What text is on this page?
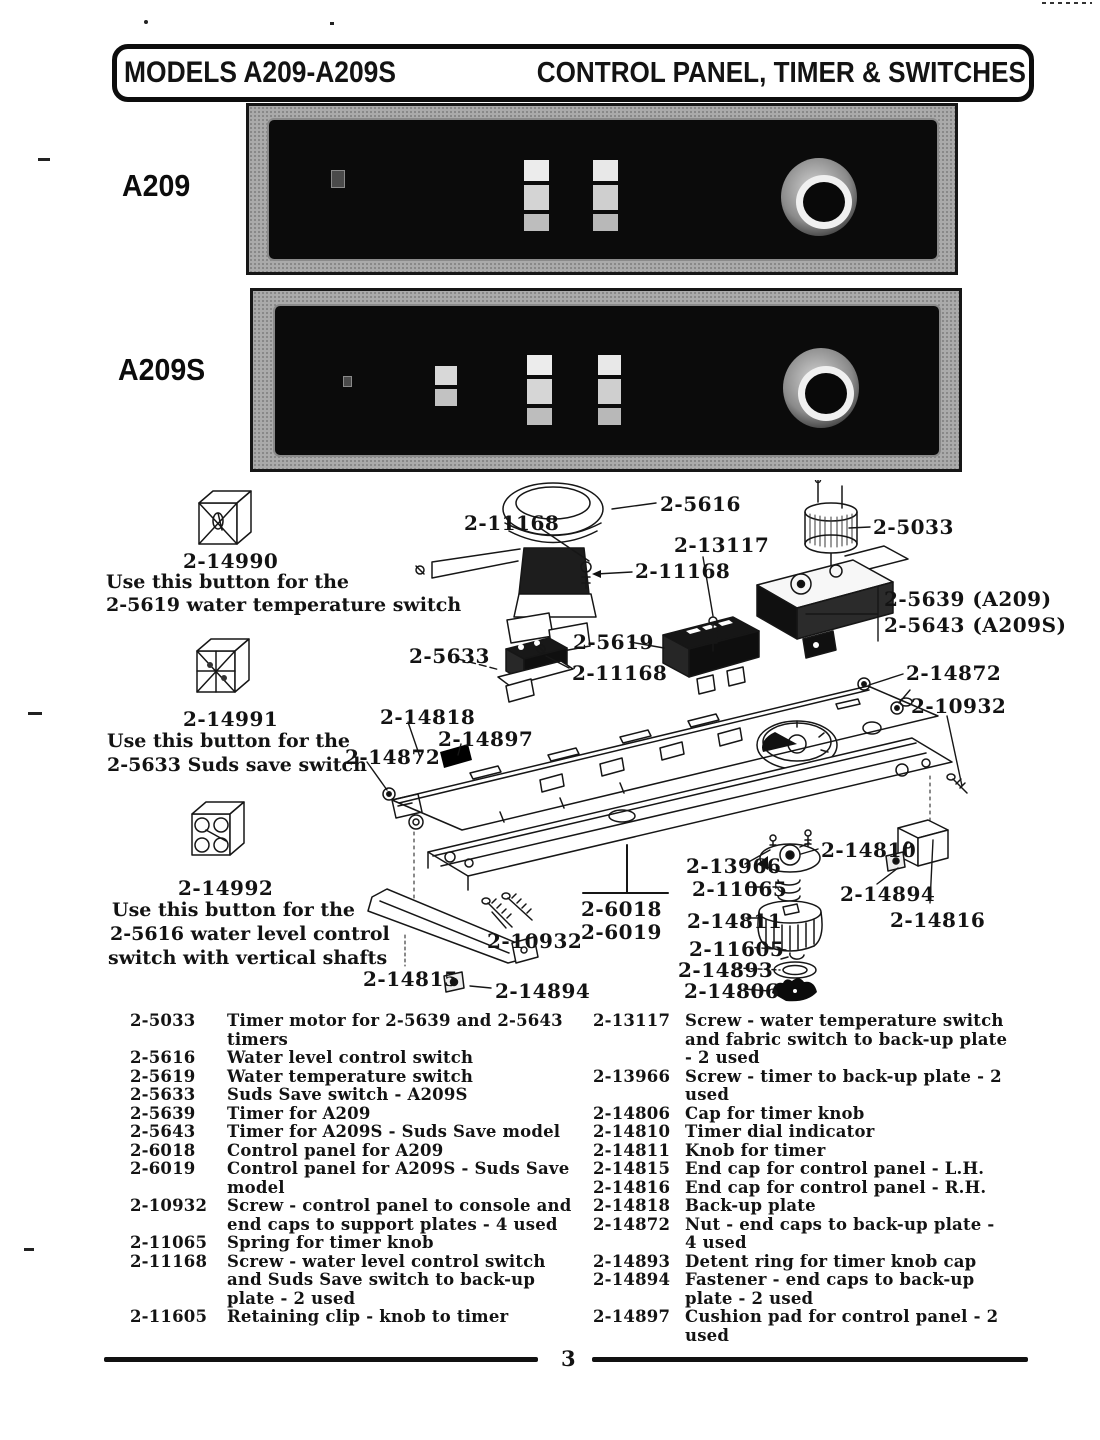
MODELS A209-A209S	CONTROL PANEL, TIMER & SWITCHES
A209
A209S
2-5616
2-11168
2-13117
2-5033
2-5639 (A209)
2-5643 (A209S)
2-11168
2-5619
2-5633
2-11168	2-14872
2-10932
2-14818
2-14897
2-14872
2-10932
2-14815 2-14894
2-6018
2-6019
2-13966
2-11065
2-14810
2-14894
2-14811	2-14816
2-11605
2-14893
2-14806
2-14990
Use this button for the
2-5619 water temperature switch
2-14991
Use this button for the
2-5633 Suds save switch
2-14992
Use this button for the
2-5616 water level control
switch with vertical shafts
2-5033	Timer motor for 2-5639 and 2-5643 timers
2-5616	Water level control switch
2-5619	Water temperature switch
2-5633	Suds Save switch - A209S
2-5639	Timer for A209
2-5643	Timer for A209S - Suds Save model
2-6018	Control panel for A209
2-6019	Control panel for A209S - Suds Save model
2-10932	Screw - control panel to console and end caps to support plates - 4 used
2-11065	Spring for timer knob
2-11168	Screw - water level control switch and Suds Save switch to back-up plate - 2 used
2-11605	Retaining clip - knob to timer
2-13117 Screw - water temperature switch and fabric switch to back-up plate - 2 used
2-13966 Screw - timer to back-up plate - 2 used
2-14806 Cap for timer knob
2-14810 Timer dial indicator
2-14811 Knob for timer
2-14815 End cap for control panel - L.H.
2-14816 End cap for control panel - R.H.
2-14818 Back-up plate
2-14872 Nut - end caps to back-up plate - 4 used
2-14893 Detent ring for timer knob cap
2-14894 Fastener - end caps to back-up plate - 2 used
2-14897 Cushion pad for control panel - 2 used
3
